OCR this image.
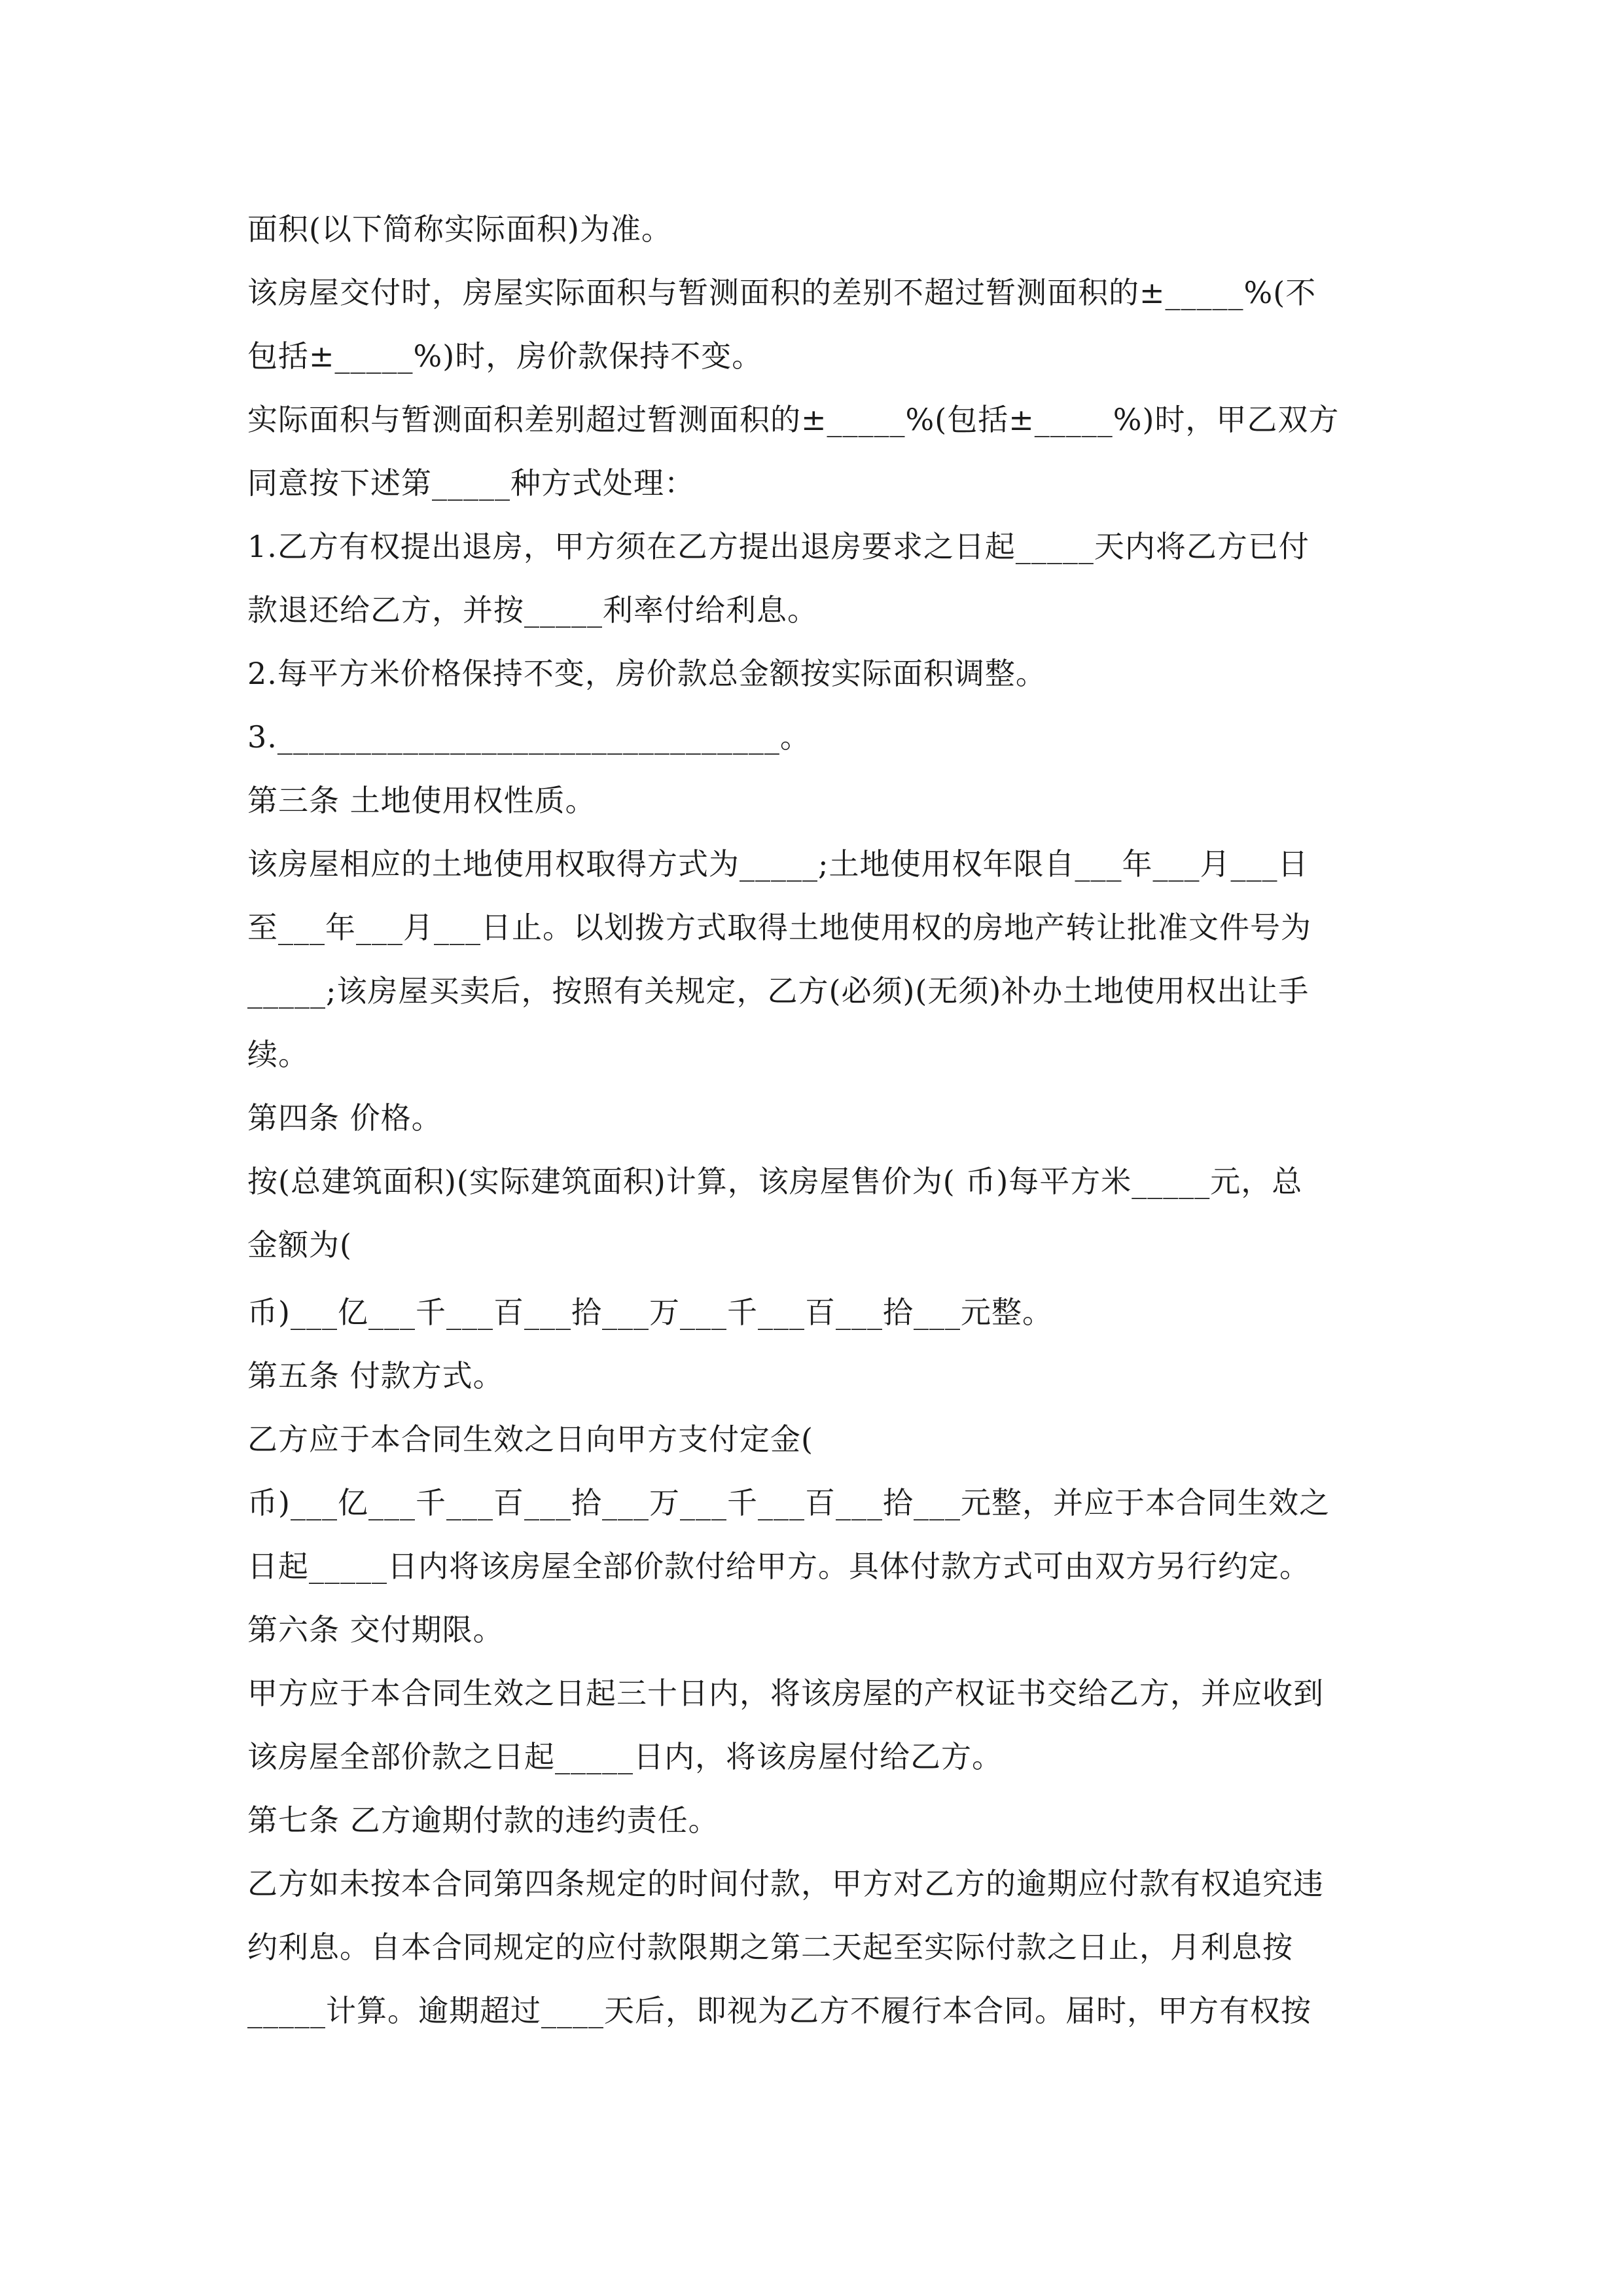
面积(以下简称实际面积)为准。
该房屋交付时，房屋实际面积与暂测面积的差别不超过暂测面积的±_____%(不
包括±_____%)时，房价款保持不变。
实际面积与暂测面积差别超过暂测面积的±_____%(包括±_____%)时，甲乙双方
同意按下述第_____种方式处理：
1.乙方有权提出退房，甲方须在乙方提出退房要求之日起_____天内将乙方已付
款退还给乙方，并按_____利率付给利息。
2.每平方米价格保持不变，房价款总金额按实际面积调整。
3.________________________________。
第三条 土地使用权性质。
该房屋相应的土地使用权取得方式为_____;土地使用权年限自___年___月___日
至___年___月___日止。以划拨方式取得土地使用权的房地产转让批准文件号为
_____;该房屋买卖后，按照有关规定，乙方(必须)(无须)补办土地使用权出让手
续。
第四条 价格。
按(总建筑面积)(实际建筑面积)计算，该房屋售价为( 币)每平方米_____元，总
金额为(
币)___亿___千___百___拾___万___千___百___拾___元整。
第五条 付款方式。
乙方应于本合同生效之日向甲方支付定金(
币)___亿___千___百___拾___万___千___百___拾___元整，并应于本合同生效之
日起_____日内将该房屋全部价款付给甲方。具体付款方式可由双方另行约定。
第六条 交付期限。
甲方应于本合同生效之日起三十日内，将该房屋的产权证书交给乙方，并应收到
该房屋全部价款之日起_____日内，将该房屋付给乙方。
第七条 乙方逾期付款的违约责任。
乙方如未按本合同第四条规定的时间付款，甲方对乙方的逾期应付款有权追究违
约利息。自本合同规定的应付款限期之第二天起至实际付款之日止，月利息按
_____计算。逾期超过____天后，即视为乙方不履行本合同。届时，甲方有权按
